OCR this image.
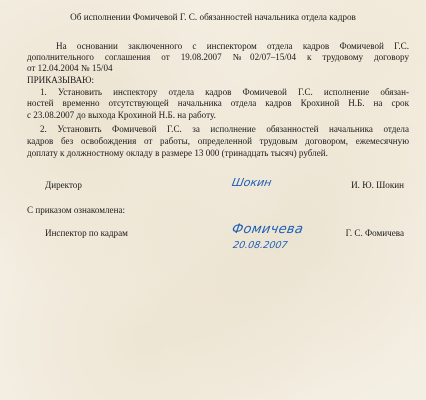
Об исполнении Фомичевой Г. С. обязанностей начальника отдела кадров
На основании заключенного с инспектором отдела кадров Фомичевой Г.С.
дополнительного соглашения от 19.08.2007 №02/07–15/04 к трудовому договору
от 12.04.2004 № 15/04
ПРИКАЗЫВАЮ:
1. Установить инспектору отдела кадров Фомичевой Г.С. исполнение обязан-
ностей временно отсутствующей начальника отдела кадров Крохиной Н.Б. на срок
с 23.08.2007 до выхода Крохиной Н.Б. на работу.
2. Установить Фомичевой Г.С. за исполнение обязанностей начальника отдела
кадров без освобождения от работы, определенной трудовым договором, ежемесячную
доплату к должностному окладу в размере 13 000 (тринадцать тысяч) рублей.
Директор	Шокин	И. Ю. Шокин
С приказом ознакомлена:
Инспектор по кадрам	Фомичева
20.08.2007
Г. С. Фомичева
